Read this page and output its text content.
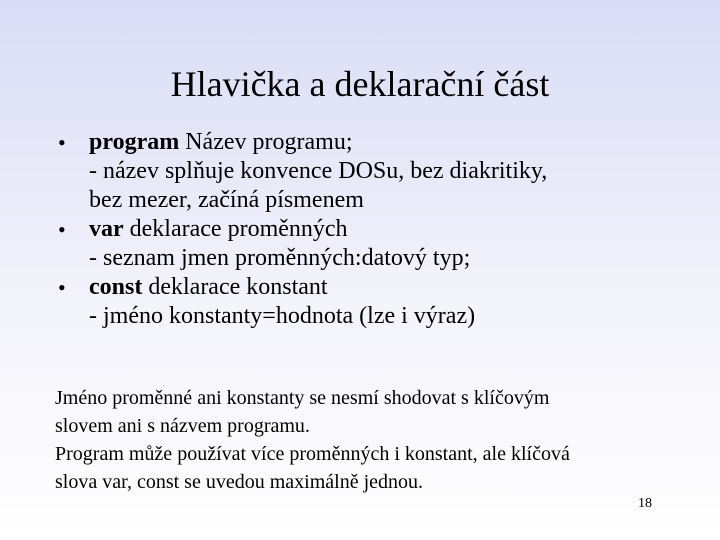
Hlavička a deklarační část
• program Název programu;
- název splňuje konvence DOSu, bez diakritiky,
bez mezer, začíná písmenem
• var deklarace proměnných
- seznam jmen proměnných:datový typ;
• const deklarace konstant
- jméno konstanty=hodnota (lze i výraz)

Jméno proměnné ani konstanty se nesmí shodovat s klíčovým

slovem ani s názvem programu.

Program může používat více proměnných i konstant, ale klíčová

slova var, const se uvedou maximálně jednou.

18
